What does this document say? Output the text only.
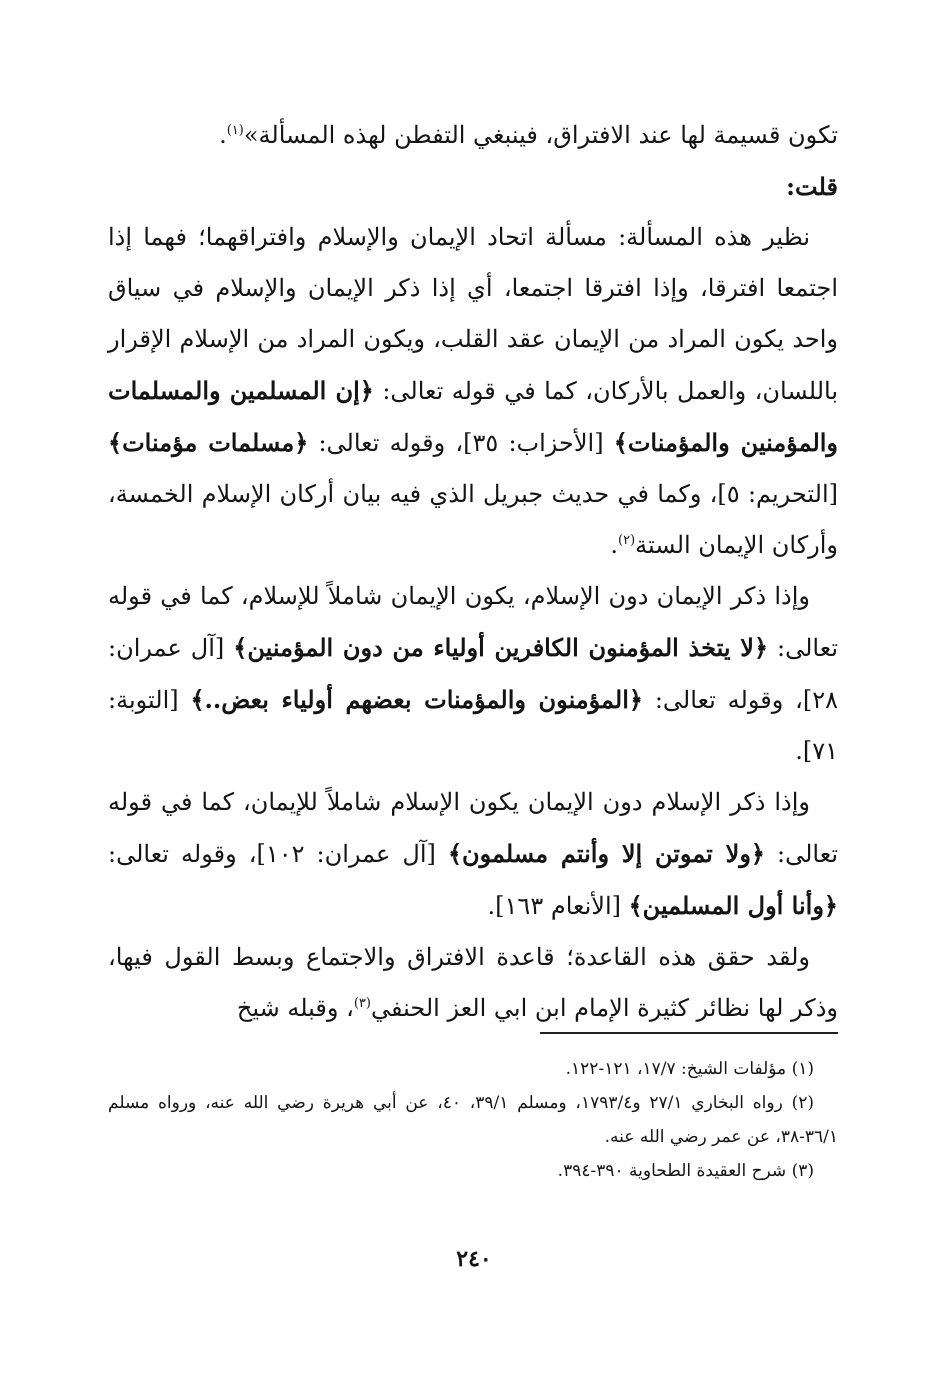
تكون قسيمة لها عند الافتراق، فينبغي التفطن لهذه المسألة»$^{(١)}$.

قلت:

نظير هذه المسألة: مسألة اتحاد الإيمان والإسلام وافتراقهما؛ فهما إذا اجتمعا افترقا، وإذا افترقا اجتمعا، أي إذا ذكر الإيمان والإسلام في سياق واحد يكون المراد من الإيمان عقد القلب، ويكون المراد من الإسلام الإقرار باللسان، والعمل بالأركان، كما في قوله تعالى: ﴿إن المسلمين والمسلمات والمؤمنين والمؤمنات﴾ [الأحزاب: ٣٥]، وقوله تعالى: ﴿مسلمات مؤمنات﴾ [التحريم: ٥]، وكما في حديث جبريل الذي فيه بيان أركان الإسلام الخمسة، وأركان الإيمان الستة$^{(٢)}$.

وإذا ذكر الإيمان دون الإسلام، يكون الإيمان شاملاً للإسلام، كما في قوله تعالى: ﴿لا يتخذ المؤمنون الكافرين أولياء من دون المؤمنين﴾ [آل عمران: ٢٨]، وقوله تعالى: ﴿المؤمنون والمؤمنات بعضهم أولياء بعض..﴾ [التوبة: ٧١].

وإذا ذكر الإسلام دون الإيمان يكون الإسلام شاملاً للإيمان، كما في قوله تعالى: ﴿ولا تموتن إلا وأنتم مسلمون﴾ [آل عمران: ١٠٢]، وقوله تعالى: ﴿وأنا أول المسلمين﴾ [الأنعام ١٦٣].

ولقد حقق هذه القاعدة؛ قاعدة الافتراق والاجتماع وبسط القول فيها، وذكر لها نظائر كثيرة الإمام ابن ابي العز الحنفي$^{(٣)}$، وقبله شيخ

(١) مؤلفات الشيخ: ١٧/٧، ١٢١-١٢٢.

(٢) رواه البخاري ٢٧/١ و١٧٩٣/٤، ومسلم ٣٩/١، ٤٠، عن أبي هريرة رضي الله عنه، ورواه مسلم ٣٦/١-٣٨، عن عمر رضي الله عنه.

(٣) شرح العقيدة الطحاوية ٣٩٠-٣٩٤.

٢٤٠
